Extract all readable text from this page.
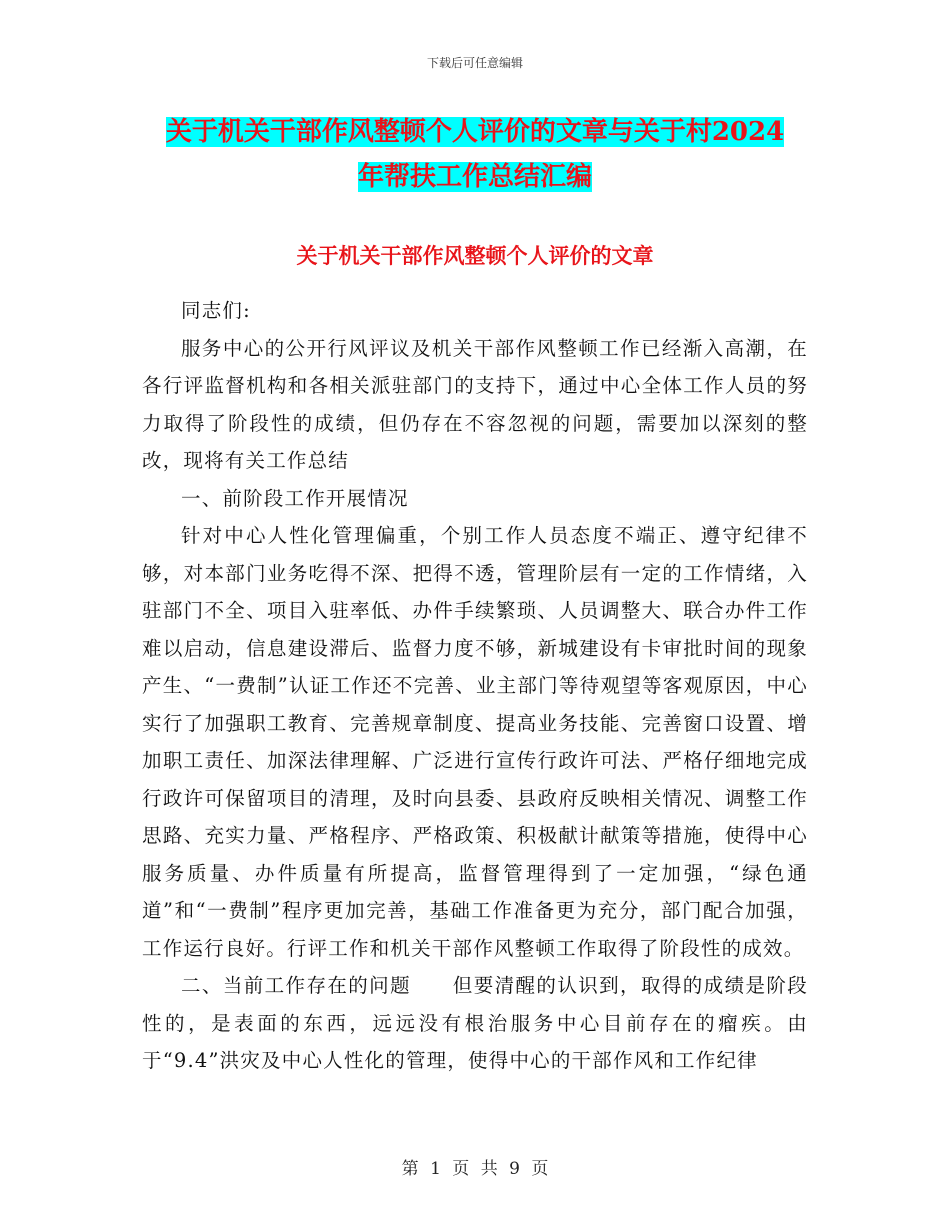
下载后可任意编辑
关于机关干部作风整顿个人评价的文章与关于村2024
年帮扶工作总结汇编
关于机关干部作风整顿个人评价的文章

同志们:

服务中心的公开行风评议及机关干部作风整顿工作已经渐入高潮，在各行评监督机构和各相关派驻部门的支持下，通过中心全体工作人员的努力取得了阶段性的成绩，但仍存在不容忽视的问题，需要加以深刻的整改，现将有关工作总结

一、前阶段工作开展情况

针对中心人性化管理偏重，个别工作人员态度不端正、遵守纪律不够，对本部门业务吃得不深、把得不透，管理阶层有一定的工作情绪，入驻部门不全、项目入驻率低、办件手续繁琐、人员调整大、联合办件工作难以启动，信息建设滞后、监督力度不够，新城建设有卡审批时间的现象产生、“一费制”认证工作还不完善、业主部门等待观望等客观原因，中心实行了加强职工教育、完善规章制度、提高业务技能、完善窗口设置、增加职工责任、加深法律理解、广泛进行宣传行政许可法、严格仔细地完成行政许可保留项目的清理，及时向县委、县政府反映相关情况、调整工作思路、充实力量、严格程序、严格政策、积极献计献策等措施，使得中心服务质量、办件质量有所提高，监督管理得到了一定加强，“绿色通道”和“一费制”程序更加完善，基础工作准备更为充分，部门配合加强，工作运行良好。行评工作和机关干部作风整顿工作取得了阶段性的成效。

二、当前工作存在的问题　　但要清醒的认识到，取得的成绩是阶段性的，是表面的东西，远远没有根治服务中心目前存在的瘤疾。由于“9.4”洪灾及中心人性化的管理，使得中心的干部作风和工作纪律

第 1 页 共 9 页
